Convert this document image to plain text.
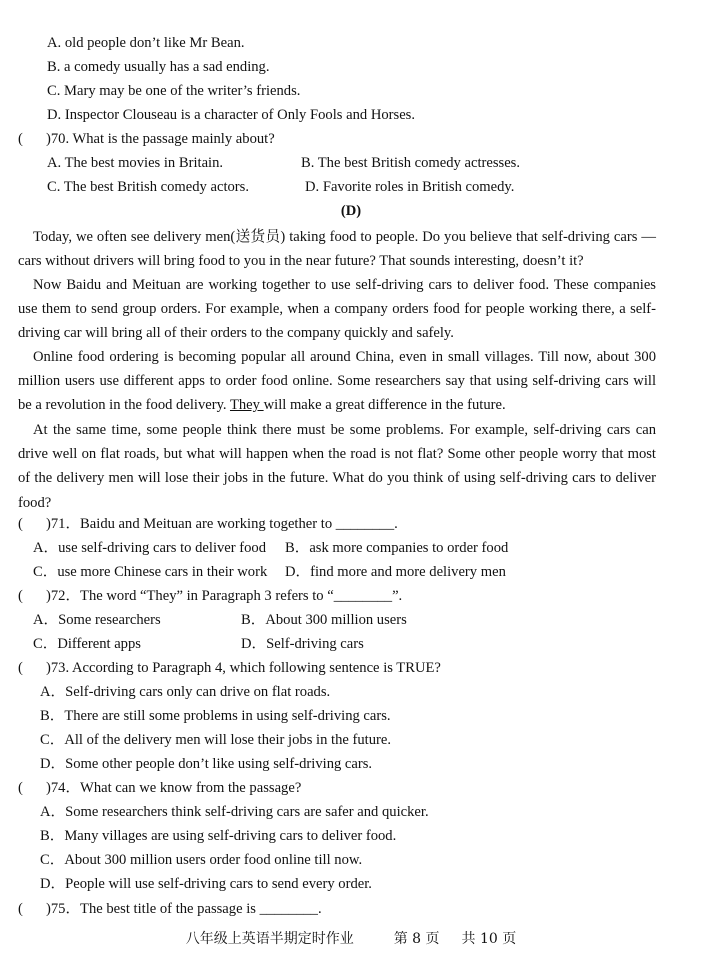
A. old people don’t like Mr Bean.
B. a comedy usually has a sad ending.
C. Mary may be one of the writer’s friends.
D. Inspector Clouseau is a character of Only Fools and Horses.
( )70. What is the passage mainly about?
A. The best movies in Britain.	B. The best British comedy actresses.
C. The best British comedy actors.	D. Favorite roles in British comedy.
(D)
Today, we often see delivery men(送货员) taking food to people. Do you believe that self-driving cars —cars without drivers will bring food to you in the near future? That sounds interesting, doesn’t it?
Now Baidu and Meituan are working together to use self-driving cars to deliver food. These companies use them to send group orders. For example, when a company orders food for people working there, a self-driving car will bring all of their orders to the company quickly and safely.
Online food ordering is becoming popular all around China, even in small villages. Till now, about 300 million users use different apps to order food online. Some researchers say that using self-driving cars will be a revolution in the food delivery. They will make a great difference in the future.
At the same time, some people think there must be some problems. For example, self-driving cars can drive well on flat roads, but what will happen when the road is not flat? Some other people worry that most of the delivery men will lose their jobs in the future. What do you think of using self-driving cars to deliver food?
( )71．Baidu and Meituan are working together to ________.
A．use self-driving cars to deliver food B．ask more companies to order food
C．use more Chinese cars in their work D．find more and more delivery men
( )72．The word “They” in Paragraph 3 refers to “________”.
A．Some researchers	B．About 300 million users
C．Different apps	D．Self-driving cars
( )73. According to Paragraph 4, which following sentence is TRUE?
A．Self-driving cars only can drive on flat roads.
B．There are still some problems in using self-driving cars.
C．All of the delivery men will lose their jobs in the future.
D．Some other people don’t like using self-driving cars.
( )74．What can we know from the passage?
A．Some researchers think self-driving cars are safer and quicker.
B．Many villages are using self-driving cars to deliver food.
C．About 300 million users order food online till now.
D．People will use self-driving cars to send every order.
( )75．The best title of the passage is ________.
八年级上英语半期定时作业	第 8 页 共 10 页
